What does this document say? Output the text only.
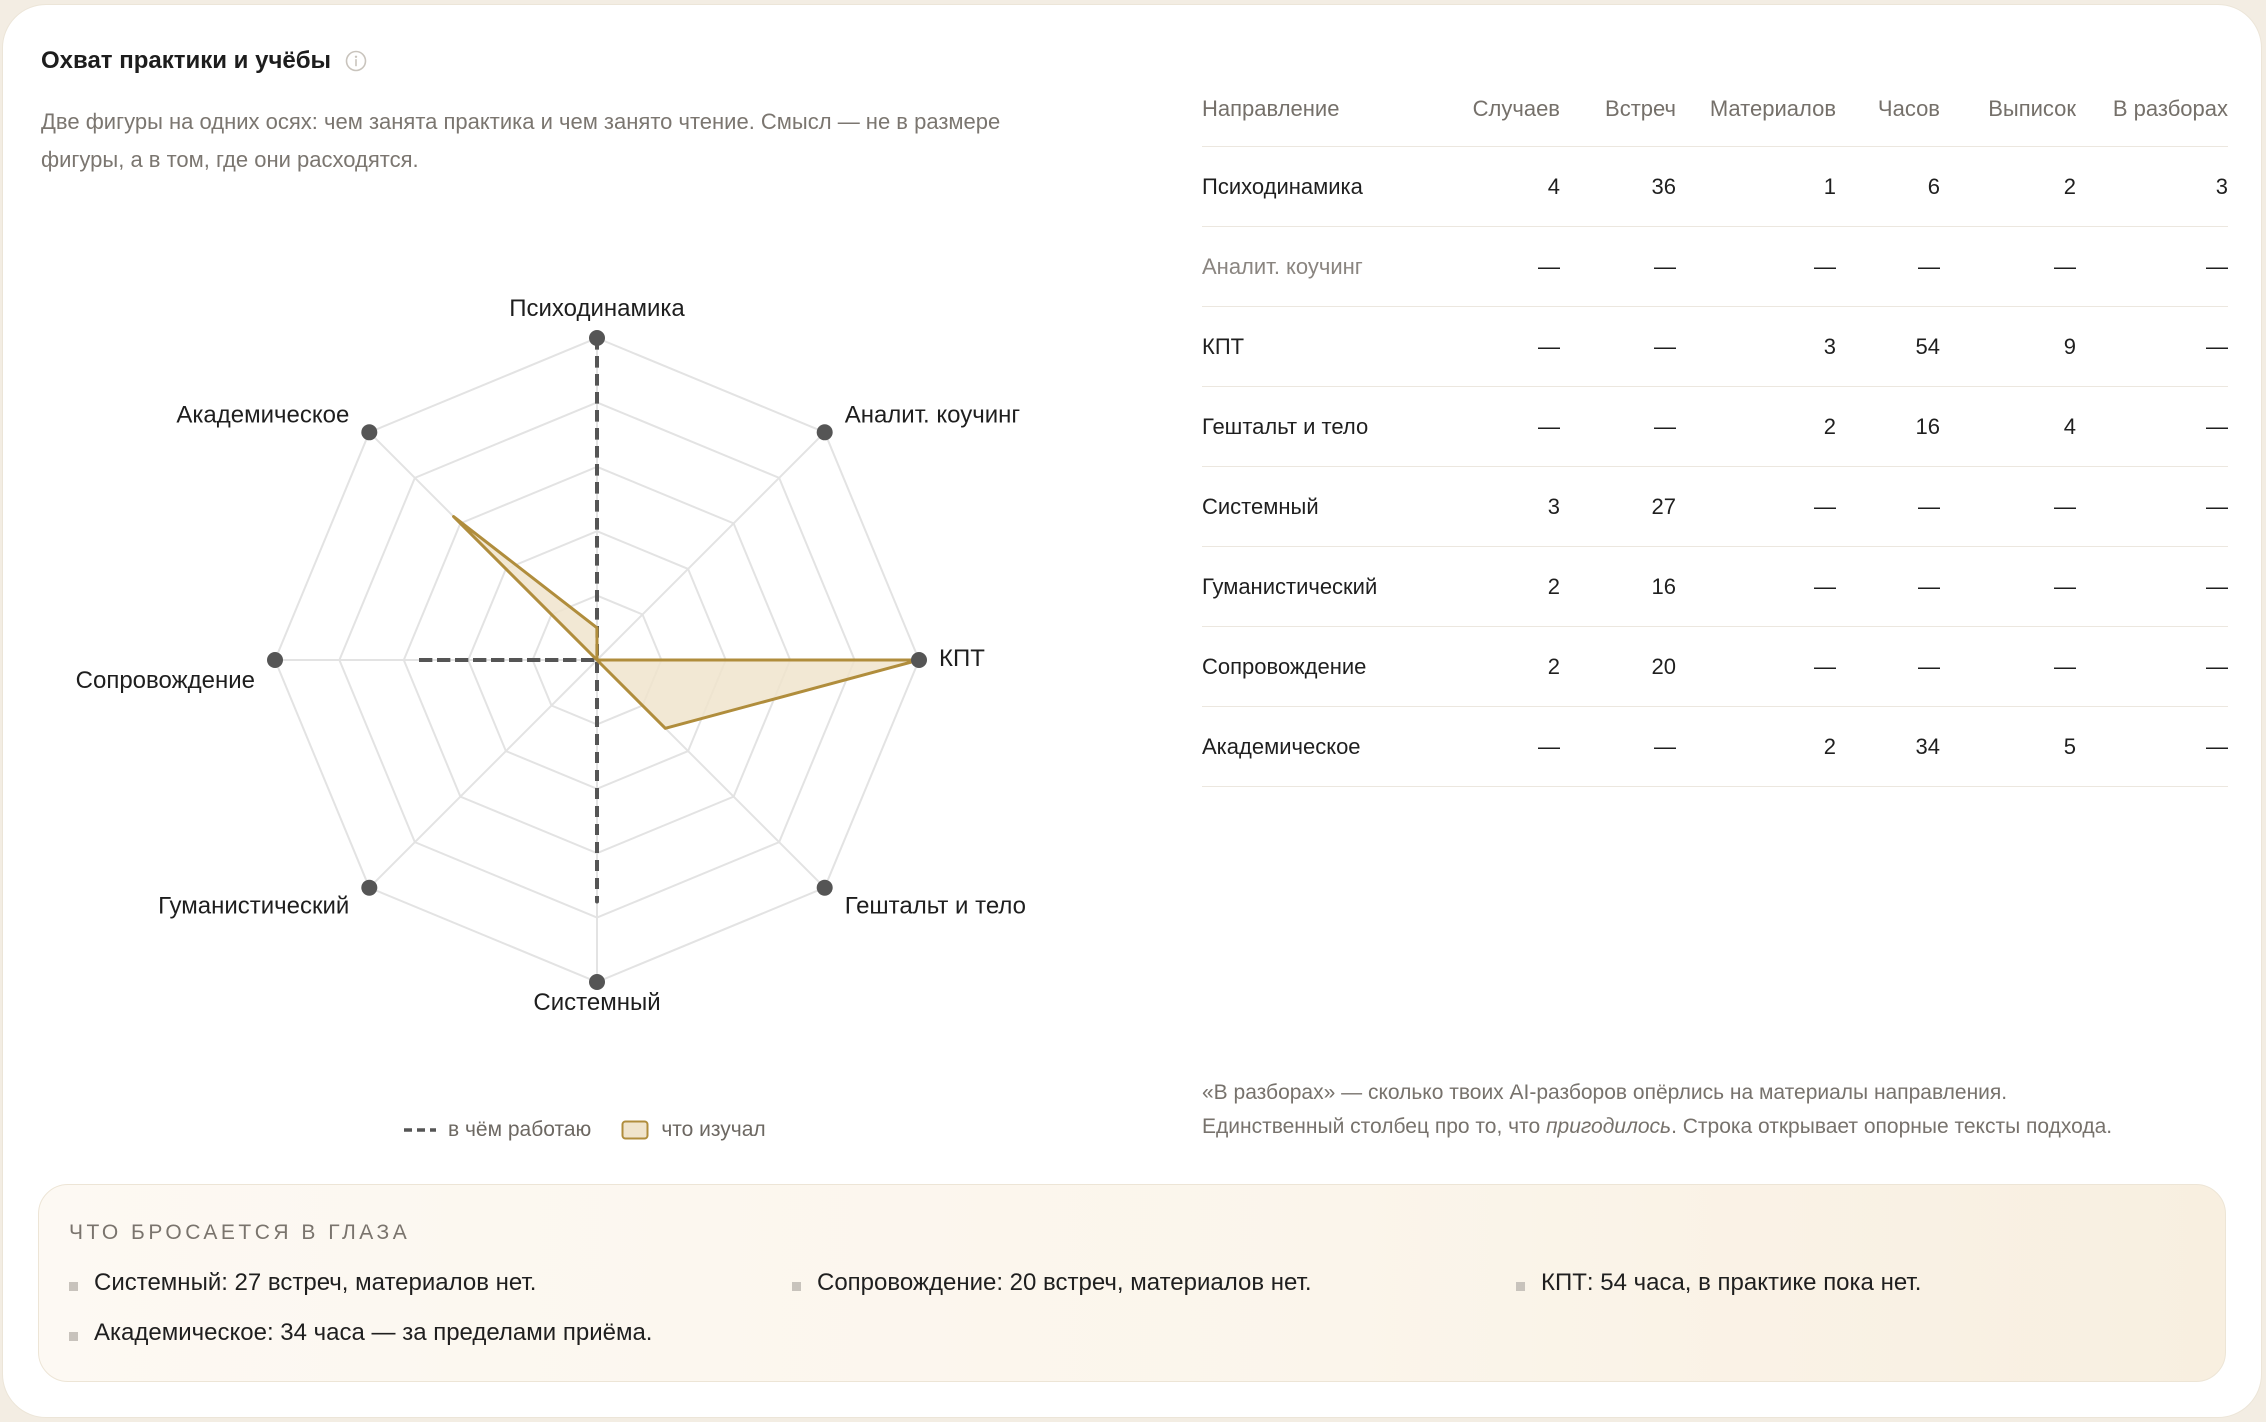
Охват практики и учёбы
Две фигуры на одних осях: чем занята практика и чем занято чтение. Смысл — не в размере фигуры, а в том, где они расходятся.
Психодинамика
Аналит. коучинг
КПТ
Гештальт и тело
Системный
Гуманистический
Сопровождение
Академическое
в чём работаю	что изучал
Направление	Случаев	Встреч	Материалов	Часов	Выписок	В разборах
Психодинамика	4	36	1	6	2	3
Аналит. коучинг	—	—	—	—	—	—
КПТ	—	—	3	54	9	—
Гештальт и тело	—	—	2	16	4	—
Системный	3	27	—	—	—	—
Гуманистический	2	16	—	—	—	—
Сопровождение	2	20	—	—	—	—
Академическое	—	—	2	34	5	—
«В разборах» — сколько твоих AI-разборов опёрлись на материалы направления.
Единственный столбец про то, что пригодилось. Строка открывает опорные тексты подхода.
ЧТО БРОСАЕТСЯ В ГЛАЗА
Системный: 27 встреч, материалов нет.	Сопровождение: 20 встреч, материалов нет.	КПТ: 54 часа, в практике пока нет.
Академическое: 34 часа — за пределами приёма.
